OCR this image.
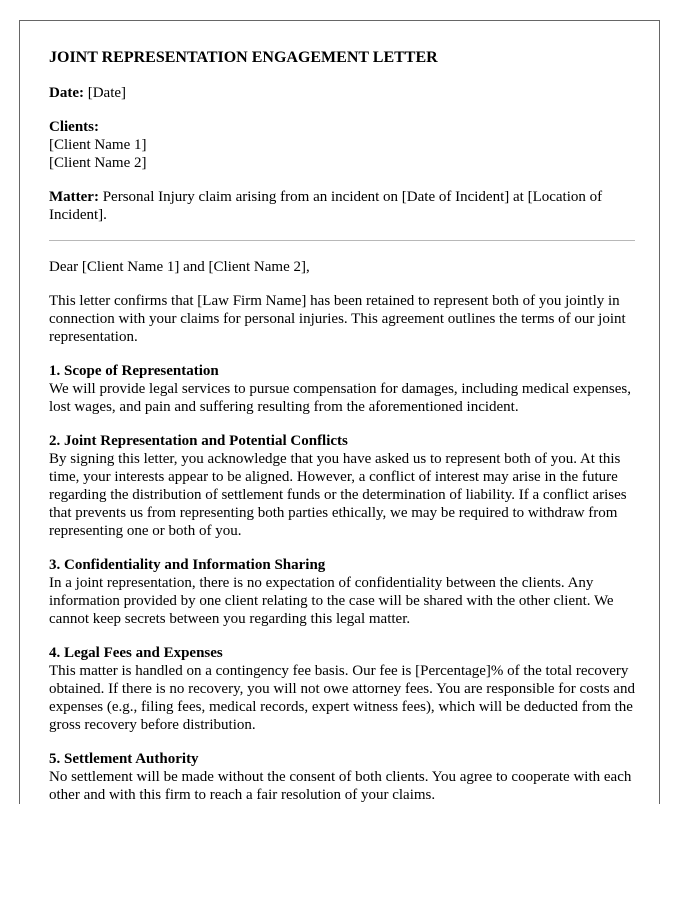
JOINT REPRESENTATION ENGAGEMENT LETTER
Date: [Date]
Clients:
[Client Name 1]
[Client Name 2]
Matter: Personal Injury claim arising from an incident on [Date of Incident] at [Location of Incident].
Dear [Client Name 1] and [Client Name 2],
This letter confirms that [Law Firm Name] has been retained to represent both of you jointly in connection with your claims for personal injuries. This agreement outlines the terms of our joint representation.
1. Scope of Representation
We will provide legal services to pursue compensation for damages, including medical expenses, lost wages, and pain and suffering resulting from the aforementioned incident.
2. Joint Representation and Potential Conflicts
By signing this letter, you acknowledge that you have asked us to represent both of you. At this time, your interests appear to be aligned. However, a conflict of interest may arise in the future regarding the distribution of settlement funds or the determination of liability. If a conflict arises that prevents us from representing both parties ethically, we may be required to withdraw from representing one or both of you.
3. Confidentiality and Information Sharing
In a joint representation, there is no expectation of confidentiality between the clients. Any information provided by one client relating to the case will be shared with the other client. We cannot keep secrets between you regarding this legal matter.
4. Legal Fees and Expenses
This matter is handled on a contingency fee basis. Our fee is [Percentage]% of the total recovery obtained. If there is no recovery, you will not owe attorney fees. You are responsible for costs and expenses (e.g., filing fees, medical records, expert witness fees), which will be deducted from the gross recovery before distribution.
5. Settlement Authority
No settlement will be made without the consent of both clients. You agree to cooperate with each other and with this firm to reach a fair resolution of your claims.
